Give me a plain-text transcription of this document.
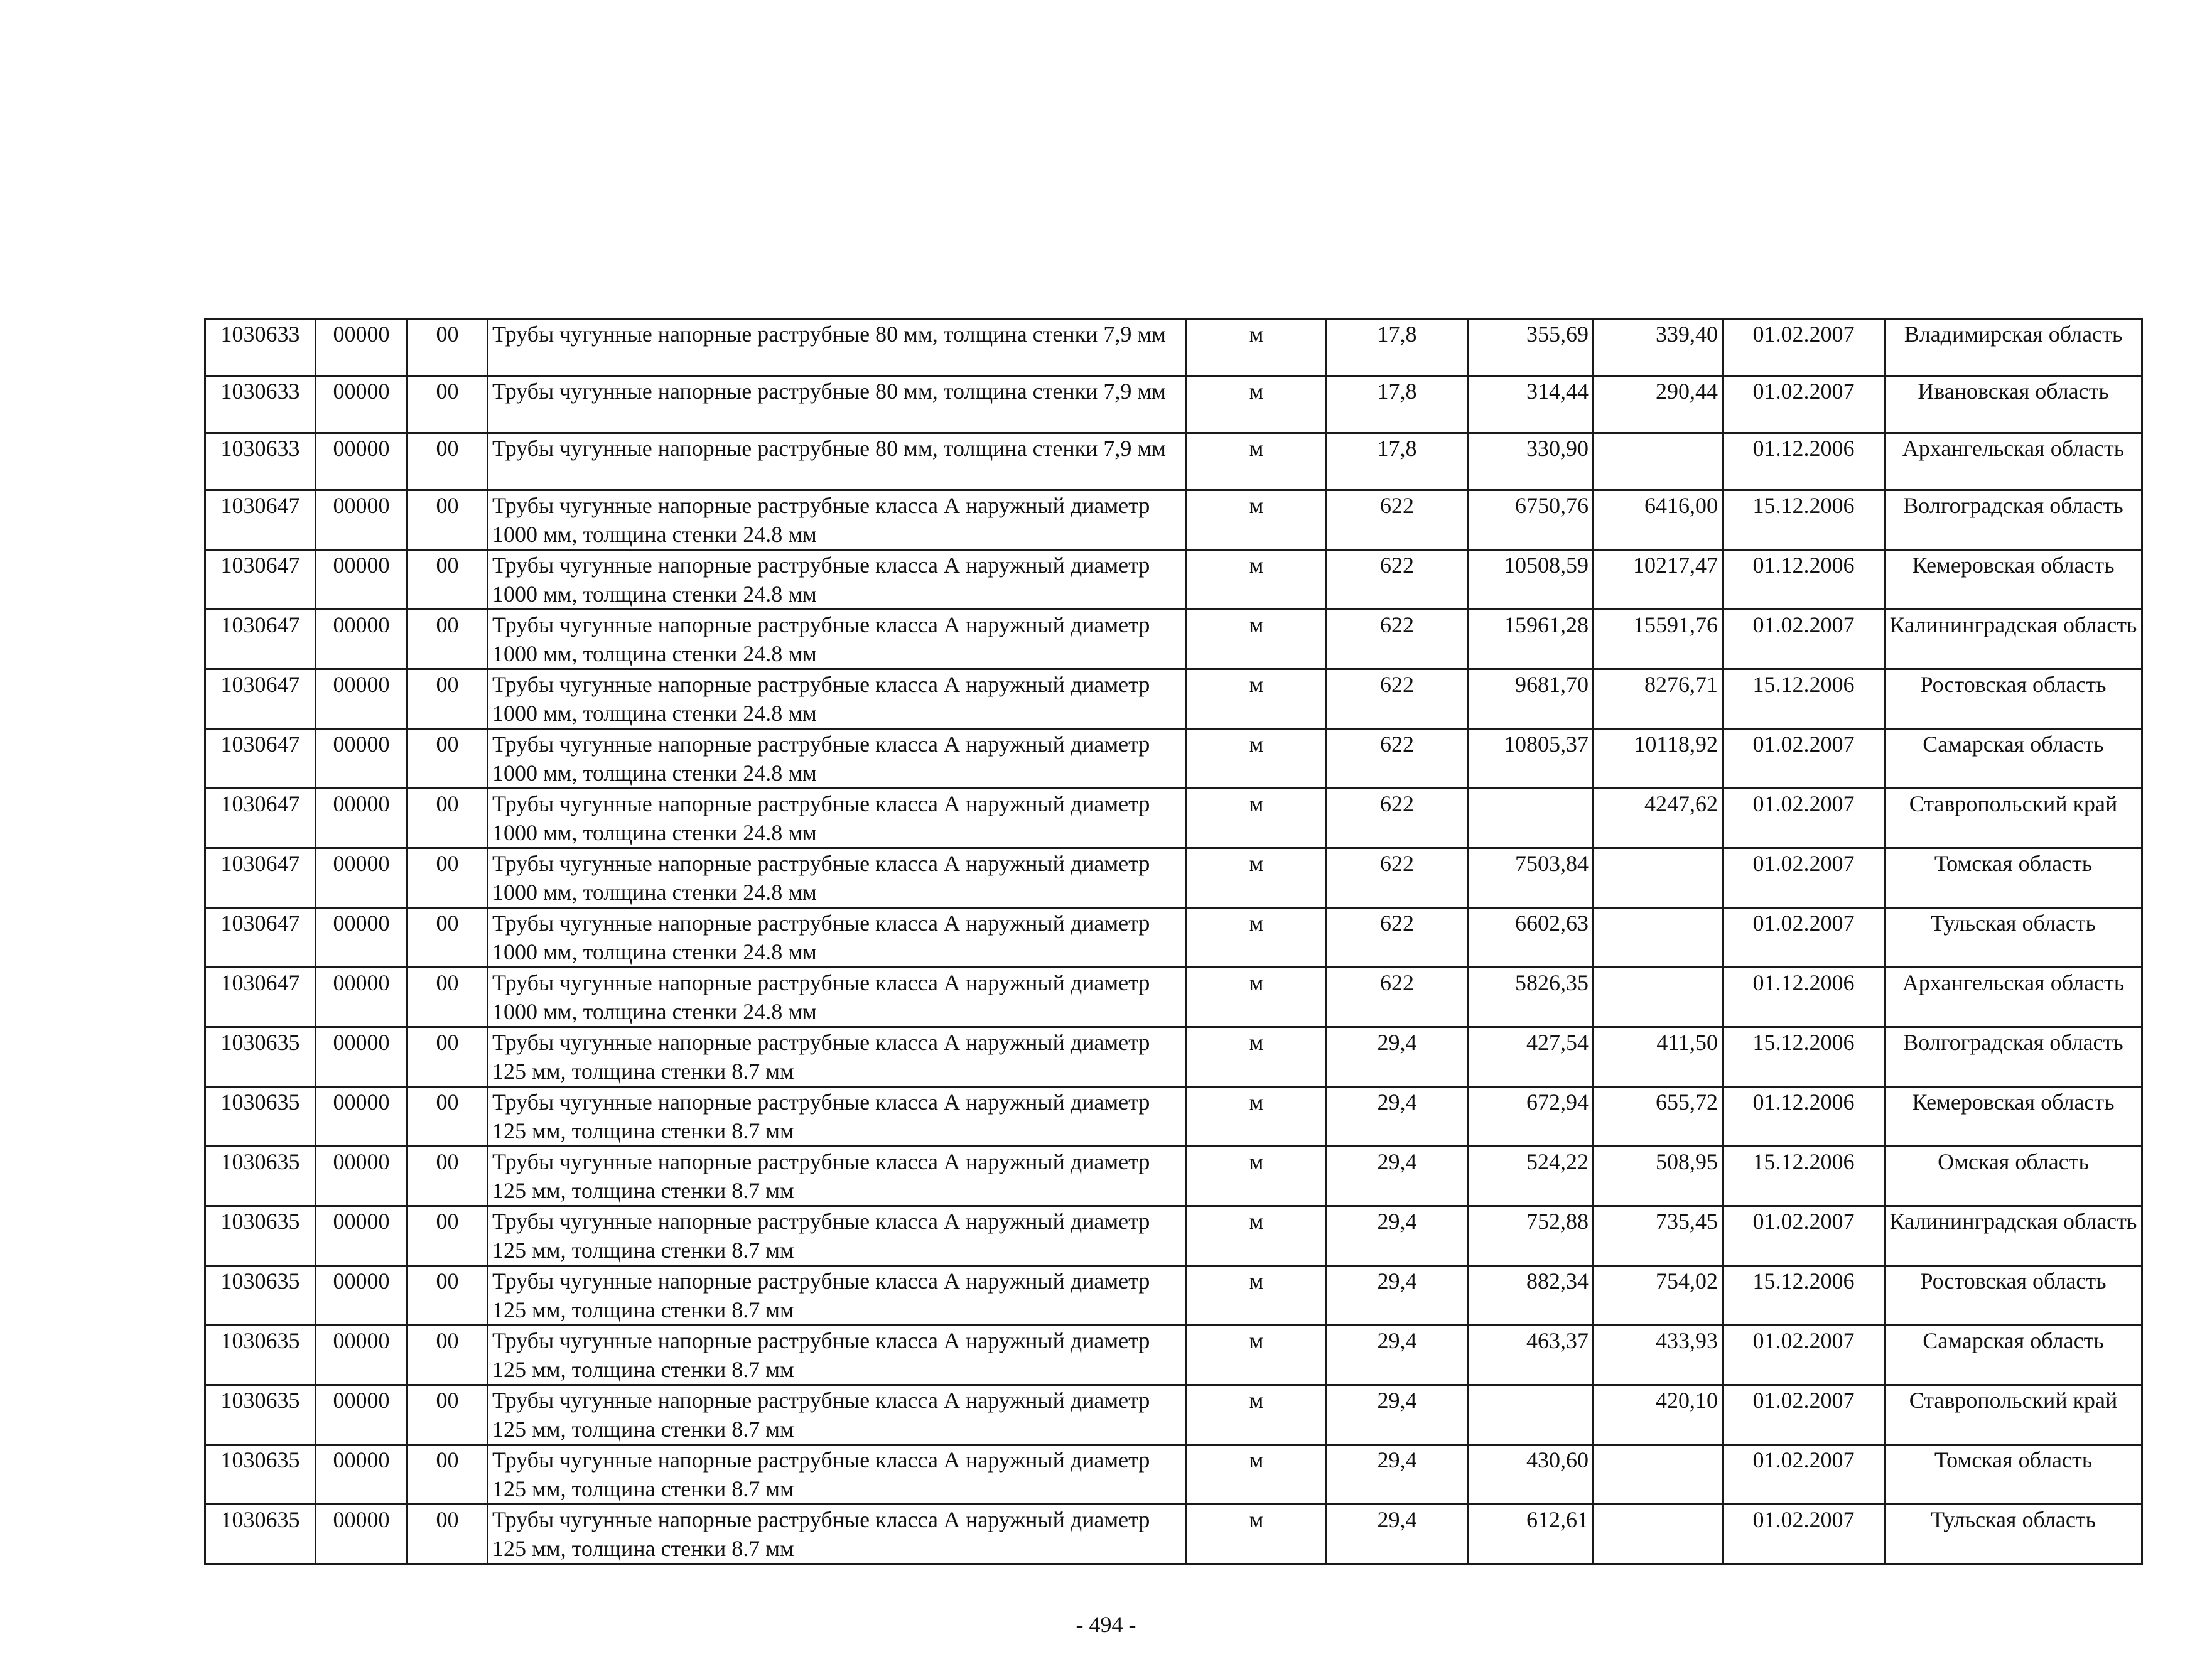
1030633	00000	00	Трубы чугунные напорные раструбные 80 мм, толщина стенки 7,9 мм	м	17,8	355,69	339,40	01.02.2007	Владимирская область
1030633	00000	00	Трубы чугунные напорные раструбные 80 мм, толщина стенки 7,9 мм	м	17,8	314,44	290,44	01.02.2007	Ивановская область
1030633	00000	00	Трубы чугунные напорные раструбные 80 мм, толщина стенки 7,9 мм	м	17,8	330,90		01.12.2006	Архангельская область
1030647	00000	00	Трубы чугунные напорные раструбные класса А наружный диаметр 1000 мм, толщина стенки 24.8 мм	м	622	6750,76	6416,00	15.12.2006	Волгоградская область
1030647	00000	00	Трубы чугунные напорные раструбные класса А наружный диаметр 1000 мм, толщина стенки 24.8 мм	м	622	10508,59	10217,47	01.12.2006	Кемеровская область
1030647	00000	00	Трубы чугунные напорные раструбные класса А наружный диаметр 1000 мм, толщина стенки 24.8 мм	м	622	15961,28	15591,76	01.02.2007	Калининградская область
1030647	00000	00	Трубы чугунные напорные раструбные класса А наружный диаметр 1000 мм, толщина стенки 24.8 мм	м	622	9681,70	8276,71	15.12.2006	Ростовская область
1030647	00000	00	Трубы чугунные напорные раструбные класса А наружный диаметр 1000 мм, толщина стенки 24.8 мм	м	622	10805,37	10118,92	01.02.2007	Самарская область
1030647	00000	00	Трубы чугунные напорные раструбные класса А наружный диаметр 1000 мм, толщина стенки 24.8 мм	м	622		4247,62	01.02.2007	Ставропольский край
1030647	00000	00	Трубы чугунные напорные раструбные класса А наружный диаметр 1000 мм, толщина стенки 24.8 мм	м	622	7503,84		01.02.2007	Томская область
1030647	00000	00	Трубы чугунные напорные раструбные класса А наружный диаметр 1000 мм, толщина стенки 24.8 мм	м	622	6602,63		01.02.2007	Тульская область
1030647	00000	00	Трубы чугунные напорные раструбные класса А наружный диаметр 1000 мм, толщина стенки 24.8 мм	м	622	5826,35		01.12.2006	Архангельская область
1030635	00000	00	Трубы чугунные напорные раструбные класса А наружный диаметр 125 мм, толщина стенки 8.7 мм	м	29,4	427,54	411,50	15.12.2006	Волгоградская область
1030635	00000	00	Трубы чугунные напорные раструбные класса А наружный диаметр 125 мм, толщина стенки 8.7 мм	м	29,4	672,94	655,72	01.12.2006	Кемеровская область
1030635	00000	00	Трубы чугунные напорные раструбные класса А наружный диаметр 125 мм, толщина стенки 8.7 мм	м	29,4	524,22	508,95	15.12.2006	Омская область
1030635	00000	00	Трубы чугунные напорные раструбные класса А наружный диаметр 125 мм, толщина стенки 8.7 мм	м	29,4	752,88	735,45	01.02.2007	Калининградская область
1030635	00000	00	Трубы чугунные напорные раструбные класса А наружный диаметр 125 мм, толщина стенки 8.7 мм	м	29,4	882,34	754,02	15.12.2006	Ростовская область
1030635	00000	00	Трубы чугунные напорные раструбные класса А наружный диаметр 125 мм, толщина стенки 8.7 мм	м	29,4	463,37	433,93	01.02.2007	Самарская область
1030635	00000	00	Трубы чугунные напорные раструбные класса А наружный диаметр 125 мм, толщина стенки 8.7 мм	м	29,4		420,10	01.02.2007	Ставропольский край
1030635	00000	00	Трубы чугунные напорные раструбные класса А наружный диаметр 125 мм, толщина стенки 8.7 мм	м	29,4	430,60		01.02.2007	Томская область
1030635	00000	00	Трубы чугунные напорные раструбные класса А наружный диаметр 125 мм, толщина стенки 8.7 мм	м	29,4	612,61		01.02.2007	Тульская область
- 494 -
